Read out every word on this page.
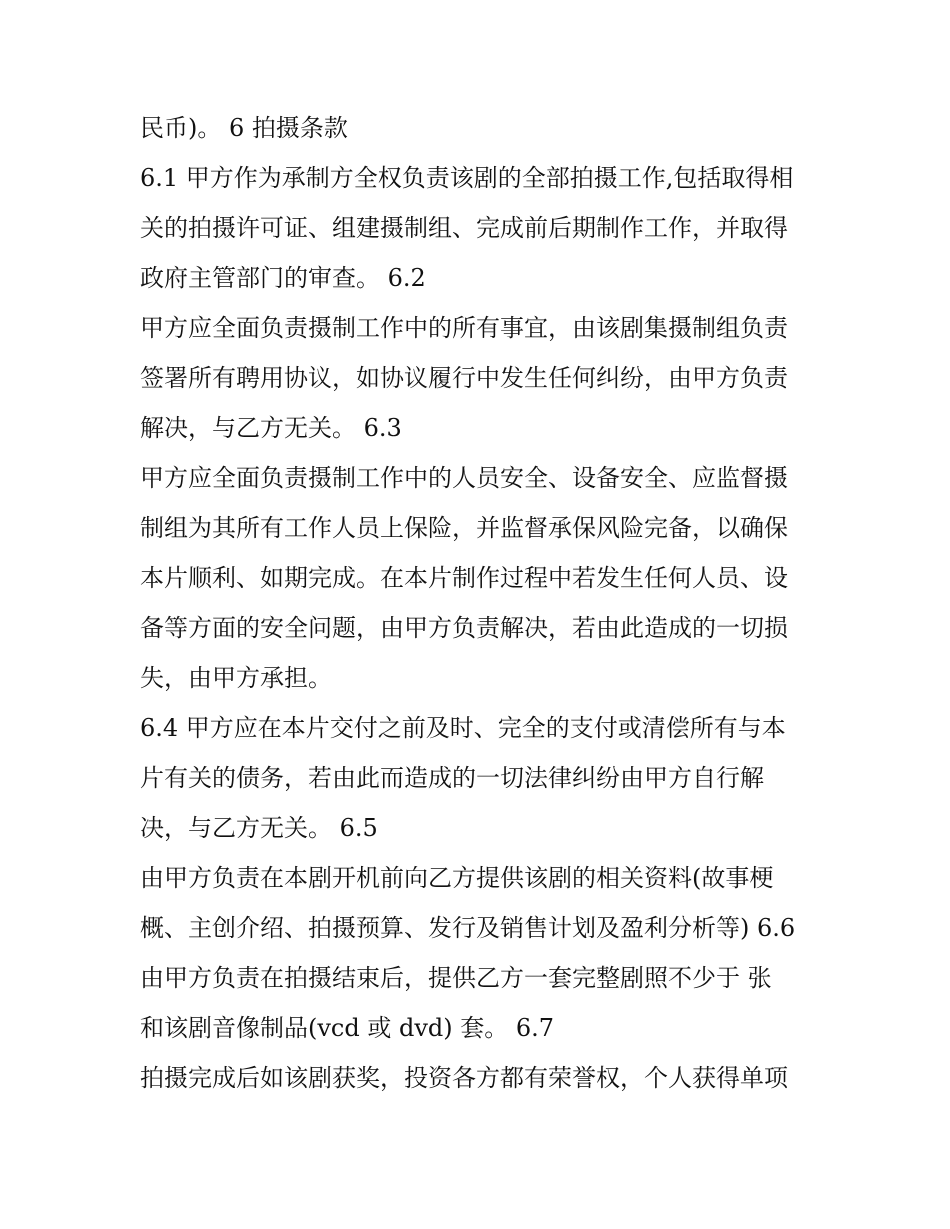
民币)。 6 拍摄条款
6.1 甲方作为承制方全权负责该剧的全部拍摄工作,包括取得相
关的拍摄许可证、组建摄制组、完成前后期制作工作，并取得
政府主管部门的审查。 6.2
甲方应全面负责摄制工作中的所有事宜，由该剧集摄制组负责
签署所有聘用协议，如协议履行中发生任何纠纷，由甲方负责
解决，与乙方无关。 6.3
甲方应全面负责摄制工作中的人员安全、设备安全、应监督摄
制组为其所有工作人员上保险，并监督承保风险完备，以确保
本片顺利、如期完成。在本片制作过程中若发生任何人员、设
备等方面的安全问题，由甲方负责解决，若由此造成的一切损
失，由甲方承担。
6.4 甲方应在本片交付之前及时、完全的支付或清偿所有与本
片有关的债务，若由此而造成的一切法律纠纷由甲方自行解
决，与乙方无关。 6.5
由甲方负责在本剧开机前向乙方提供该剧的相关资料(故事梗
概、主创介绍、拍摄预算、发行及销售计划及盈利分析等) 6.6
由甲方负责在拍摄结束后，提供乙方一套完整剧照不少于 张
和该剧音像制品(vcd 或 dvd) 套。 6.7
拍摄完成后如该剧获奖，投资各方都有荣誉权，个人获得单项
